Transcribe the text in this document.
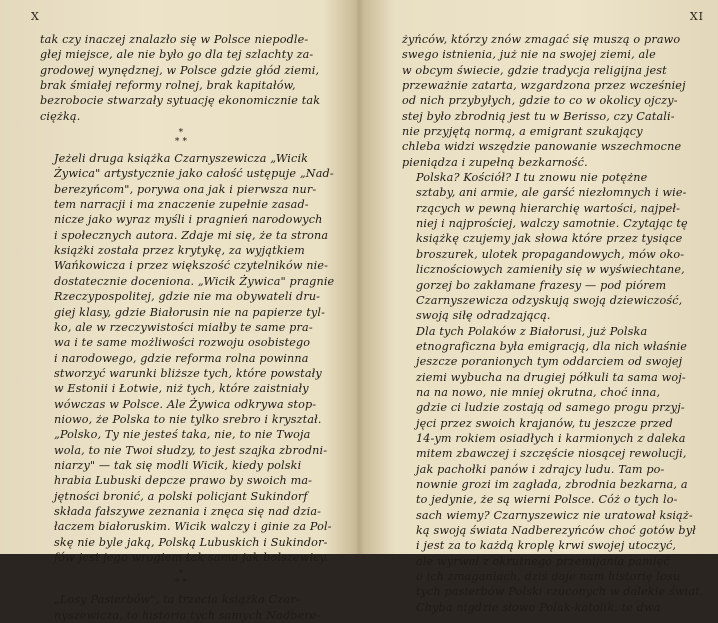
X

tak czy inaczej znalazło się w Polsce niepodle-
głej miejsce, ale nie było go dla tej szlachty za-
grodowej wynędznej, w Polsce gdzie głód ziemi,
brak śmiałej reformy rolnej, brak kapitałów,
bezrobocie stwarzały sytuację ekonomicznie tak
ciężką.

*
* *

Jeżeli druga książka Czarnyszewicza „Wicik
Żywica" artystycznie jako całość ustępuje „Nad-
berezyńcom", porywa ona jak i pierwsza nur-
tem narracji i ma znaczenie zupełnie zasad-
nicze jako wyraz myśli i pragnień narodowych
i społecznych autora. Zdaje mi się, że ta strona
książki została przez krytykę, za wyjątkiem
Wańkowicza i przez większość czytelników nie-
dostatecznie doceniona. „Wicik Żywica" pragnie
Rzeczypospolitej, gdzie nie ma obywateli dru-
giej klasy, gdzie Białorusin nie na papierze tyl-
ko, ale w rzeczywistości miałby te same pra-
wa i te same możliwości rozwoju osobistego
i narodowego, gdzie reforma rolna powinna
stworzyć warunki bliższe tych, które powstały
w Estonii i Łotwie, niż tych, które zaistniały
wówczas w Polsce. Ale Żywica odkrywa stop-
niowo, że Polska to nie tylko srebro i kryształ.
„Polsko, Ty nie jesteś taka, nie, to nie Twoja
wola, to nie Twoi słudzy, to jest szajka zbrodni-
niarzy" — tak się modli Wicik, kiedy polski
hrabia Lubuski depcze prawo by swoich ma-
jętności bronić, a polski policjant Sukindorf
składa fałszywe zeznania i znęca się nad dzia-
łaczem białoruskim. Wicik walczy i ginie za Pol-
skę nie byle jaką, Polską Lubuskich i Sukindor-
fów jest jego wrogiem tak samo jak bolszewicy.

*
* *

„Losy Pasierbów", ta trzecia książka Czar-
nyszewicza, to historia tych samych Nadbere-

XI

żyńców, którzy znów zmagać się muszą o prawo
swego istnienia, już nie na swojej ziemi, ale
w obcym świecie, gdzie tradycja religijna jest
przeważnie zatarta, wzgardzona przez wcześniej
od nich przybyłych, gdzie to co w okolicy ojczy-
stej było zbrodnią jest tu w Berisso, czy Catali-
nie przyjętą normą, a emigrant szukający
chleba widzi wszędzie panowanie wszechmocne
pieniądza i zupełną bezkarność.

Polska? Kościół? I tu znowu nie potężne
sztaby, ani armie, ale garść niezłomnych i wie-
rzących w pewną hierarchię wartości, najpeł-
niej i najprościej, walczy samotnie. Czytając tę
książkę czujemy jak słowa które przez tysiące
broszurek, ulotek propagandowych, mów oko-
licznościowych zamieniły się w wyświechtane,
gorzej bo zakłamane frazesy — pod piórem
Czarnyszewicza odzyskują swoją dziewiczość,
swoją siłę odradzającą.

Dla tych Polaków z Białorusi, już Polska
etnograficzna była emigracją, dla nich właśnie
jeszcze poranionych tym oddarciem od swojej
ziemi wybucha na drugiej półkuli ta sama woj-
na na nowo, nie mniej okrutna, choć inna,
gdzie ci ludzie zostają od samego progu przyj-
jęci przez swoich krajanów, tu jeszcze przed
14-ym rokiem osiadłych i karmionych z daleka
mitem zbawczej i szczęście niosącej rewolucji,
jak pachołki panów i zdrajcy ludu. Tam po-
nownie grozi im zagłada, zbrodnia bezkarna, a
to jedynie, że są wierni Polsce. Cóż o tych lo-
sach wiemy? Czarnyszewicz nie uratował książ-
ką swoją świata Nadberezyńców choć gotów był
i jest za to każdą kroplę krwi swojej utoczyć,
ale wyrwał z okrutnego przemijania pamięć
o ich zmaganiach, dziś daje nam historię losu
tych pasierbów Polski rzuconych w dalekie świat.

Chyba nigdzie słowo Polak-katolik, te dwa
